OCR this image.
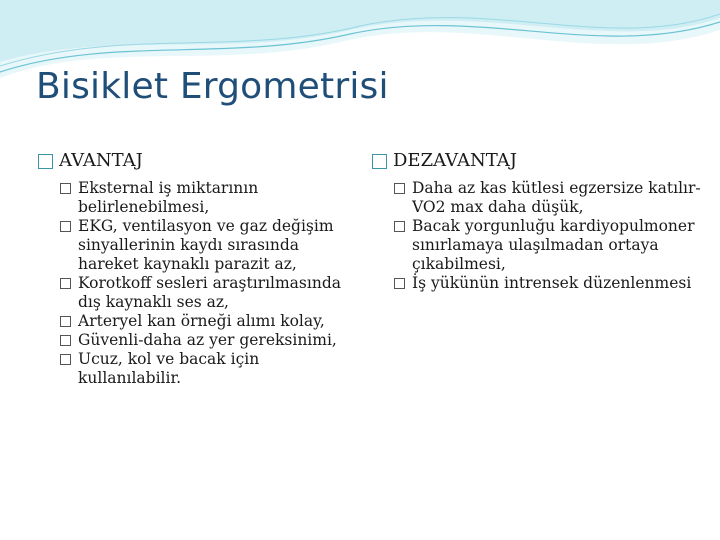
Bisiklet Ergometrisi
AVANTAJ
Eksternal iş miktarının belirlenebilmesi,
EKG, ventilasyon ve gaz değişim sinyallerinin kaydı sırasında hareket kaynaklı parazit az,
Korotkoff sesleri araştırılmasında dış kaynaklı ses az,
Arteryel kan örneği alımı kolay,
Güvenli-daha az yer gereksinimi,
Ucuz, kol ve bacak için kullanılabilir.
DEZAVANTAJ
Daha az kas kütlesi egzersize katılır-VO2 max daha düşük,
Bacak yorgunluğu kardiyopulmoner sınırlamaya ulaşılmadan ortaya çıkabilmesi,
İş yükünün intrensek düzenlenmesi
